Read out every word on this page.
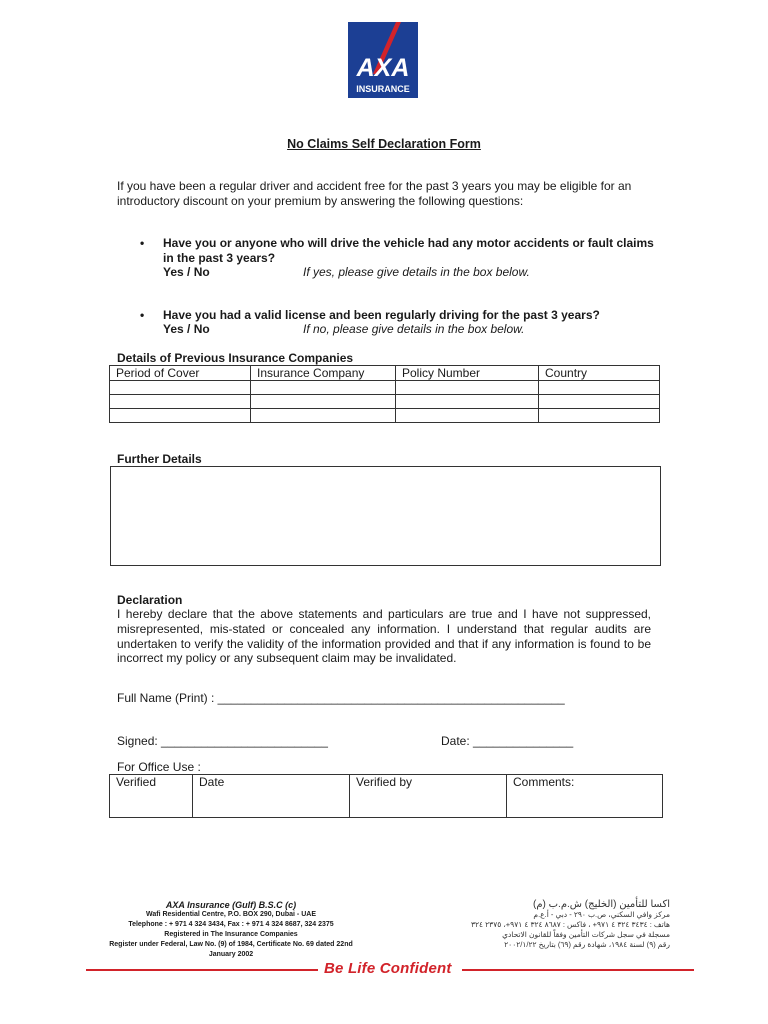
AXA
INSURANCE
No Claims Self Declaration Form
If you have been a regular driver and accident free for the past 3 years you may be eligible for an introductory discount on your premium by answering the following questions:
• Have you or anyone who will drive the vehicle had any motor accidents or fault claims in the past 3 years?
Yes / No	If yes, please give details in the box below.
• Have you had a valid license and been regularly driving for the past 3 years?
Yes / No	If no, please give details in the box below.
Details of Previous Insurance Companies
Period of Cover	Insurance Company	Policy Number	Country

Further Details
Declaration
I hereby declare that the above statements and particulars are true and I have not suppressed, misrepresented, mis-stated or concealed any information. I understand that regular audits are undertaken to verify the validity of the information provided and that if any information is found to be incorrect my policy or any subsequent claim may be invalidated.
Full Name (Print) : ____________________________________________________
Signed: _________________________	Date: _______________
For Office Use :
Verified	Date	Verified by	Comments:
AXA Insurance (Gulf) B.S.C (c)
Wafi Residential Centre, P.O. BOX 290, Dubai - UAE
Telephone : + 971 4 324 3434, Fax : + 971 4 324 8687, 324 2375
Registered in The Insurance Companies
Register under Federal, Law No. (9) of 1984, Certificate No. 69 dated 22nd January 2002
اكسا للتأمين (الخليج) ش.م.ب (م)
مركز وافي السكني، ص.ب ٢٩٠ - دبي - أ.ع.م
هاتف : ٣٤٣٤ ٣٢٤ ٤ ٩٧١+ ، فاكس : ٨٦٨٧ ٣٢٤ ٤ ٩٧١+، ٢٣٧٥ ٣٢٤
مسجلة في سجل شركات التأمين وفقاً للقانون الاتحادي
رقم (٩) لسنة ١٩٨٤، شهادة رقم (٦٩) بتاريخ ٢٠٠٢/١/٢٢
Be Life Confident
